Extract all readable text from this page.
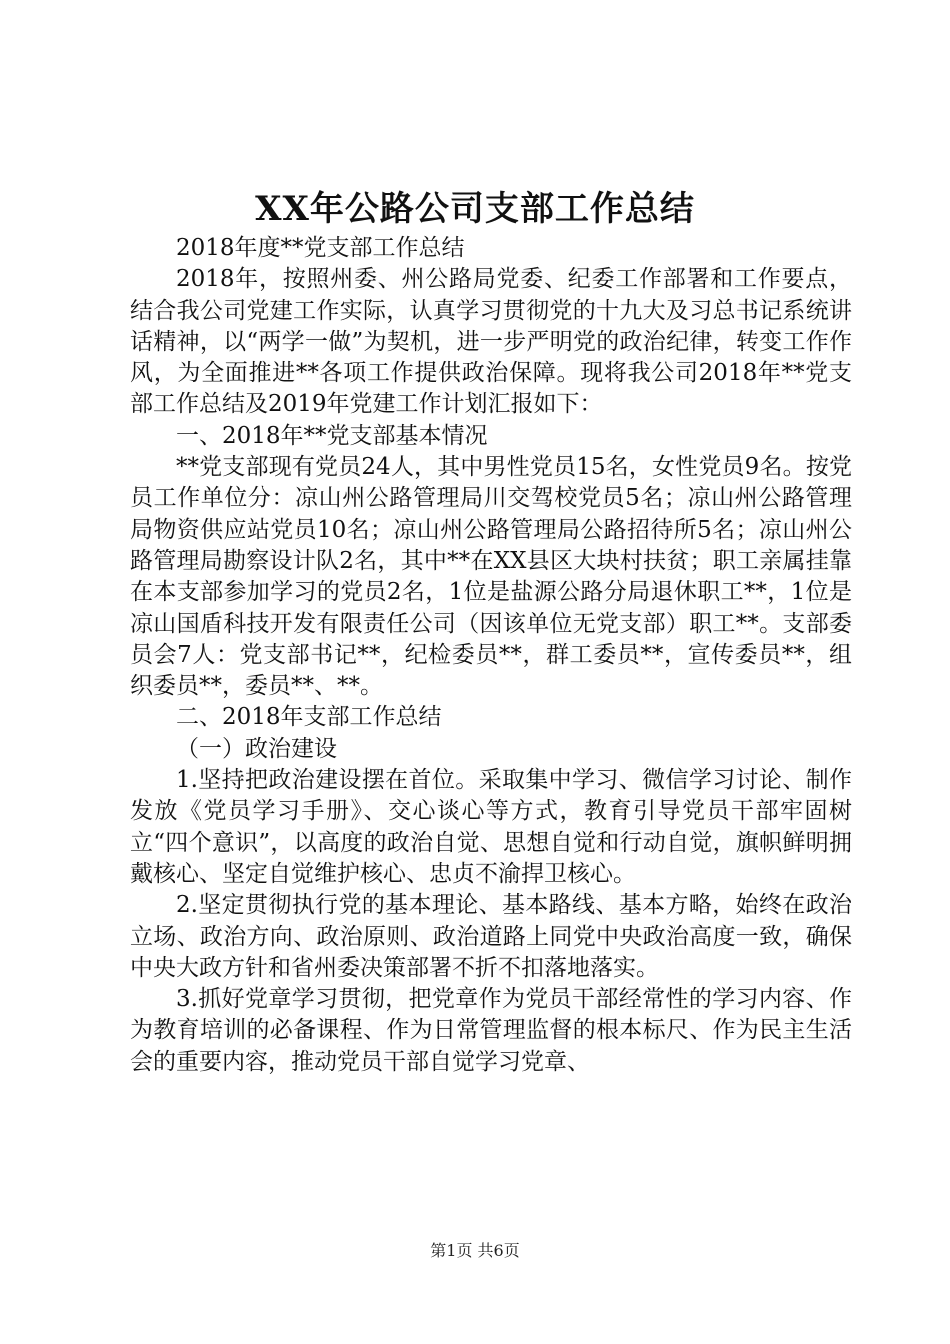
XX年公路公司支部工作总结

2018年度**党支部工作总结

2018年，按照州委、州公路局党委、纪委工作部署和工作要点，结合我公司党建工作实际，认真学习贯彻党的十九大及习总书记系统讲话精神，以“两学一做”为契机，进一步严明党的政治纪律，转变工作作风，为全面推进**各项工作提供政治保障。现将我公司2018年**党支部工作总结及2019年党建工作计划汇报如下：

一、2018年**党支部基本情况

**党支部现有党员24人，其中男性党员15名，女性党员9名。按党员工作单位分：凉山州公路管理局川交驾校党员5名；凉山州公路管理局物资供应站党员10名；凉山州公路管理局公路招待所5名；凉山州公路管理局勘察设计队2名，其中**在XX县区大块村扶贫；职工亲属挂靠在本支部参加学习的党员2名，1位是盐源公路分局退休职工**，1位是凉山国盾科技开发有限责任公司（因该单位无党支部）职工**。支部委员会7人：党支部书记**，纪检委员**，群工委员**，宣传委员**，组织委员**，委员**、**。

二、2018年支部工作总结

（一）政治建设

1.坚持把政治建设摆在首位。采取集中学习、微信学习讨论、制作发放《党员学习手册》、交心谈心等方式，教育引导党员干部牢固树立“四个意识”，以高度的政治自觉、思想自觉和行动自觉，旗帜鲜明拥戴核心、坚定自觉维护核心、忠贞不渝捍卫核心。

2.坚定贯彻执行党的基本理论、基本路线、基本方略，始终在政治立场、政治方向、政治原则、政治道路上同党中央政治高度一致，确保中央大政方针和省州委决策部署不折不扣落地落实。

3.抓好党章学习贯彻，把党章作为党员干部经常性的学习内容、作为教育培训的必备课程、作为日常管理监督的根本标尺、作为民主生活会的重要内容，推动党员干部自觉学习党章、

第1页 共6页
